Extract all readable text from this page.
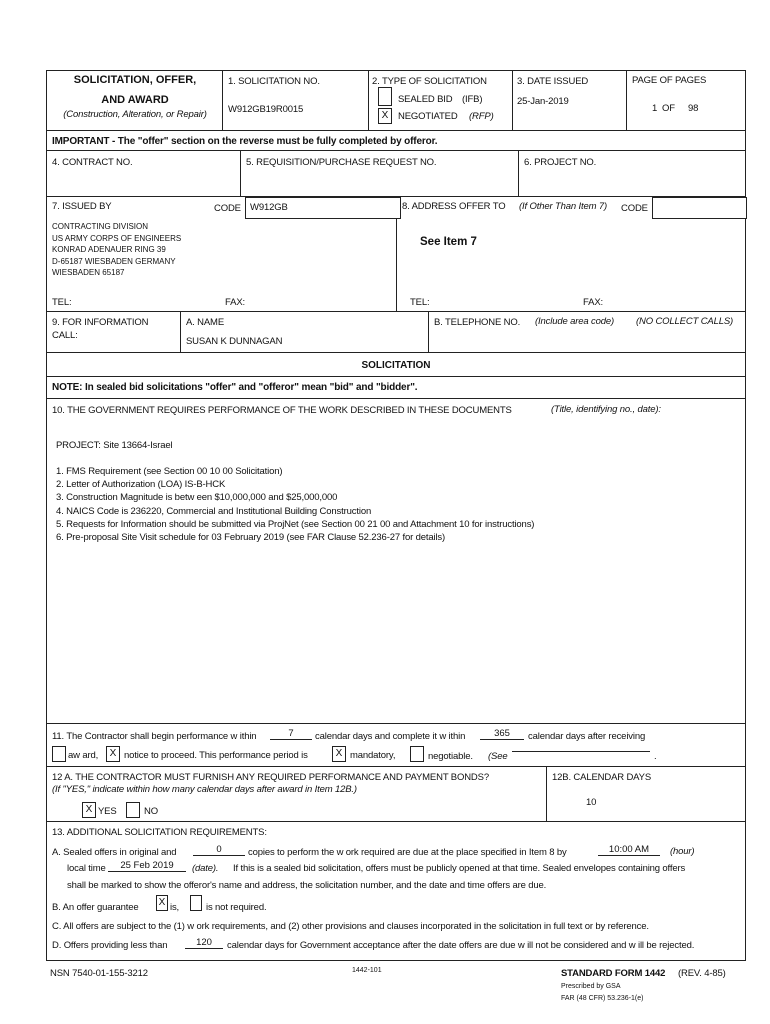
SOLICITATION, OFFER,
AND AWARD
(Construction, Alteration, or Repair)
1. SOLICITATION NO.
W912GB19R0015
2. TYPE OF SOLICITATION
SEALED BID (IFB)
X	NEGOTIATED (RFP)
3. DATE ISSUED
25-Jan-2019
PAGE OF PAGES
1 OF 98
IMPORTANT - The "offer" section on the reverse must be fully completed by offeror.
4. CONTRACT NO.	5. REQUISITION/PURCHASE REQUEST NO.	6. PROJECT NO.
7. ISSUED BY	CODE W912GB
CONTRACTING DIVISION
US ARMY CORPS OF ENGINEERS
KONRAD ADENAUER RING 39
D-65187 WIESBADEN GERMANY
WIESBADEN 65187
TEL:	FAX:
8. ADDRESS OFFER TO (If Other Than Item 7) CODE
See Item 7
TEL:	FAX:
9. FOR INFORMATION
CALL:
A. NAME
SUSAN K DUNNAGAN
B. TELEPHONE NO. (Include area code) (NO COLLECT CALLS)
SOLICITATION
NOTE: In sealed bid solicitations "offer" and "offeror" mean "bid" and "bidder".
10. THE GOVERNMENT REQUIRES PERFORMANCE OF THE WORK DESCRIBED IN THESE DOCUMENTS	(Title, identifying no., date):
PROJECT: Site 13664-Israel
1. FMS Requirement (see Section 00 10 00 Solicitation)
2. Letter of Authorization (LOA) IS-B-HCK
3. Construction Magnitude is betw een $10,000,000 and $25,000,000
4. NAICS Code is 236220, Commercial and Institutional Building Construction
5. Requests for Information should be submitted via ProjNet (see Section 00 21 00 and Attachment 10 for instructions)
6. Pre-proposal Site Visit schedule for 03 February 2019 (see FAR Clause 52.236-27 for details)
11. The Contractor shall begin performance w ithin	7	calendar days and complete it w ithin	365	calendar days after receiving
aw ard,	X notice to proceed. This performance period is	X mandatory,	negotiable. (See	.
12 A. THE CONTRACTOR MUST FURNISH ANY REQUIRED PERFORMANCE AND PAYMENT BONDS?
(If "YES," indicate within how many calendar days after award in Item 12B.)
X YES	NO
12B. CALENDAR DAYS
10
13. ADDITIONAL SOLICITATION REQUIREMENTS:
A. Sealed offers in original and	0	copies to perform the w ork required are due at the place specified in Item 8 by	10:00 AM	(hour)
local time	25 Feb 2019	(date). If this is a sealed bid solicitation, offers must be publicly opened at that time. Sealed envelopes containing offers
shall be marked to show the offeror's name and address, the solicitation number, and the date and time offers are due.
B. An offer guarantee X is,	is not required.
C. All offers are subject to the (1) w ork requirements, and (2) other provisions and clauses incorporated in the solicitation in full text or by reference.
D. Offers providing less than	120	calendar days for Government acceptance after the date offers are due w ill not be considered and w ill be rejected.
NSN 7540-01-155-3212	1442-101	STANDARD FORM 1442 (REV. 4-85)
Prescribed by GSA
FAR (48 CFR) 53.236-1(e)
